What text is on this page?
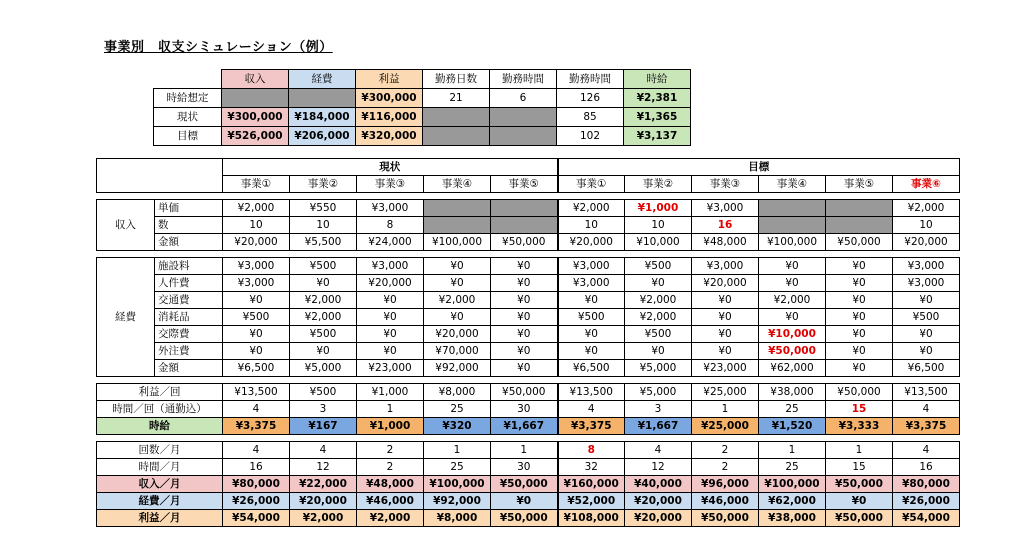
事業別　収支シミュレーション（例）
	収入	経費	利益	勤務日数	勤務時間	勤務時間	時給
時給想定			¥300,000	21	6	126	¥2,381
現状	¥300,000	¥184,000	¥116,000			85	¥1,365
目標	¥526,000	¥206,000	¥320,000			102	¥3,137
		現状					目標					
		事業①	事業②	事業③	事業④	事業⑤	事業①	事業②	事業③	事業④	事業⑤	事業⑥

収入	単価	¥2,000	¥550	¥3,000			¥2,000	¥1,000	¥3,000			¥2,000
	数	10	10	8			10	10	16			10
	金額	¥20,000	¥5,500	¥24,000	¥100,000	¥50,000	¥20,000	¥10,000	¥48,000	¥100,000	¥50,000	¥20,000

経費	施設料	¥3,000	¥500	¥3,000	¥0	¥0	¥3,000	¥500	¥3,000	¥0	¥0	¥3,000
	人件費	¥3,000	¥0	¥20,000	¥0	¥0	¥3,000	¥0	¥20,000	¥0	¥0	¥3,000
	交通費	¥0	¥2,000	¥0	¥2,000	¥0	¥0	¥2,000	¥0	¥2,000	¥0	¥0
	消耗品	¥500	¥2,000	¥0	¥0	¥0	¥500	¥2,000	¥0	¥0	¥0	¥500
	交際費	¥0	¥500	¥0	¥20,000	¥0	¥0	¥500	¥0	¥10,000	¥0	¥0
	外注費	¥0	¥0	¥0	¥70,000	¥0	¥0	¥0	¥0	¥50,000	¥0	¥0
	金額	¥6,500	¥5,000	¥23,000	¥92,000	¥0	¥6,500	¥5,000	¥23,000	¥62,000	¥0	¥6,500

利益／回		¥13,500	¥500	¥1,000	¥8,000	¥50,000	¥13,500	¥5,000	¥25,000	¥38,000	¥50,000	¥13,500
時間／回（通勤込）		4	3	1	25	30	4	3	1	25	15	4
時給		¥3,375	¥167	¥1,000	¥320	¥1,667	¥3,375	¥1,667	¥25,000	¥1,520	¥3,333	¥3,375

回数／月		4	4	2	1	1	8	4	2	1	1	4
時間／月		16	12	2	25	30	32	12	2	25	15	16
収入／月		¥80,000	¥22,000	¥48,000	¥100,000	¥50,000	¥160,000	¥40,000	¥96,000	¥100,000	¥50,000	¥80,000
経費／月		¥26,000	¥20,000	¥46,000	¥92,000	¥0	¥52,000	¥20,000	¥46,000	¥62,000	¥0	¥26,000
利益／月		¥54,000	¥2,000	¥2,000	¥8,000	¥50,000	¥108,000	¥20,000	¥50,000	¥38,000	¥50,000	¥54,000
